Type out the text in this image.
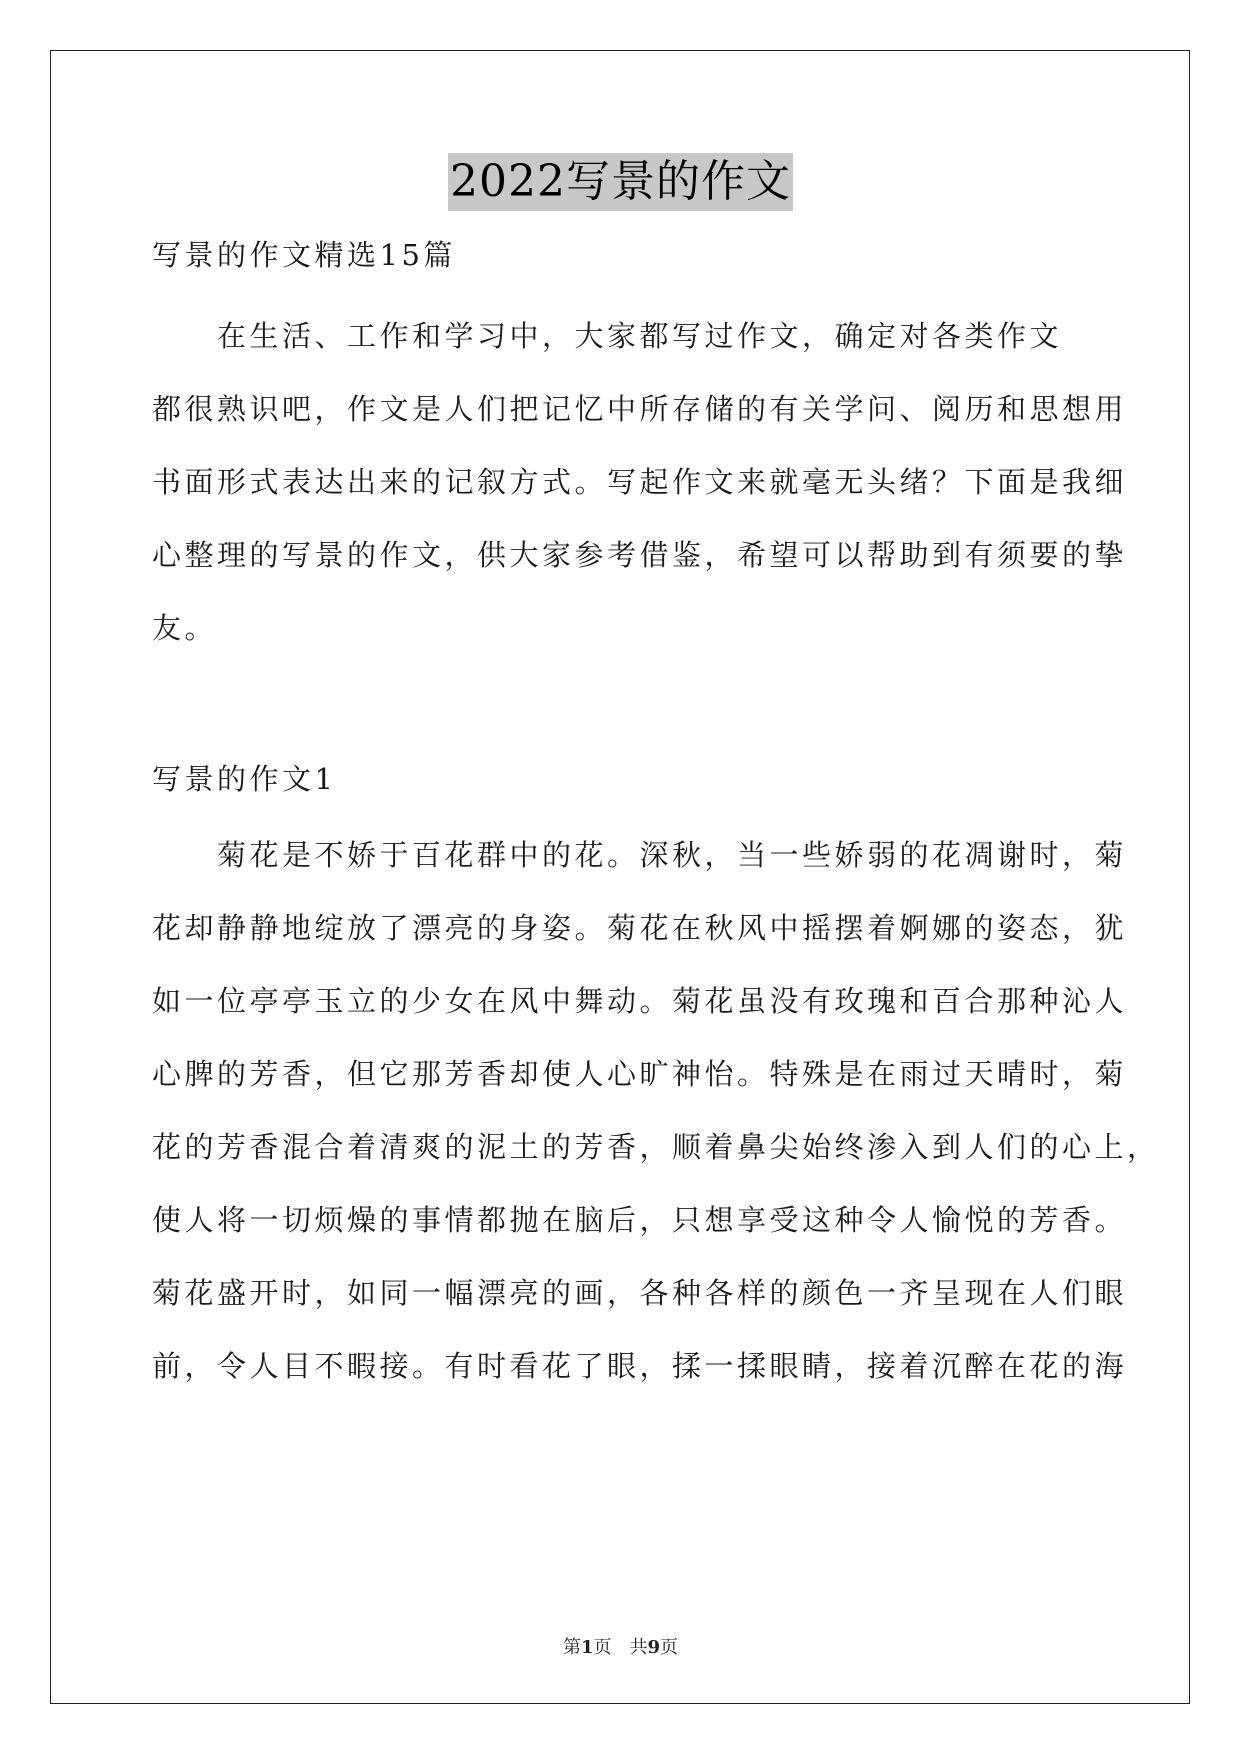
2022写景的作文
写景的作文精选15篇
　　在生活、工作和学习中，大家都写过作文，确定对各类作文
都很熟识吧，作文是人们把记忆中所存储的有关学问、阅历和思想用
书面形式表达出来的记叙方式。写起作文来就毫无头绪？下面是我细
心整理的写景的作文，供大家参考借鉴，希望可以帮助到有须要的挚
友。
写景的作文1
　　菊花是不娇于百花群中的花。深秋，当一些娇弱的花凋谢时，菊
花却静静地绽放了漂亮的身姿。菊花在秋风中摇摆着婀娜的姿态，犹
如一位亭亭玉立的少女在风中舞动。菊花虽没有玫瑰和百合那种沁人
心脾的芳香，但它那芳香却使人心旷神怡。特殊是在雨过天晴时，菊
花的芳香混合着清爽的泥土的芳香，顺着鼻尖始终渗入到人们的心上，
使人将一切烦燥的事情都抛在脑后，只想享受这种令人愉悦的芳香。
菊花盛开时，如同一幅漂亮的画，各种各样的颜色一齐呈现在人们眼
前，令人目不暇接。有时看花了眼，揉一揉眼睛，接着沉醉在花的海
第1页　共9页
